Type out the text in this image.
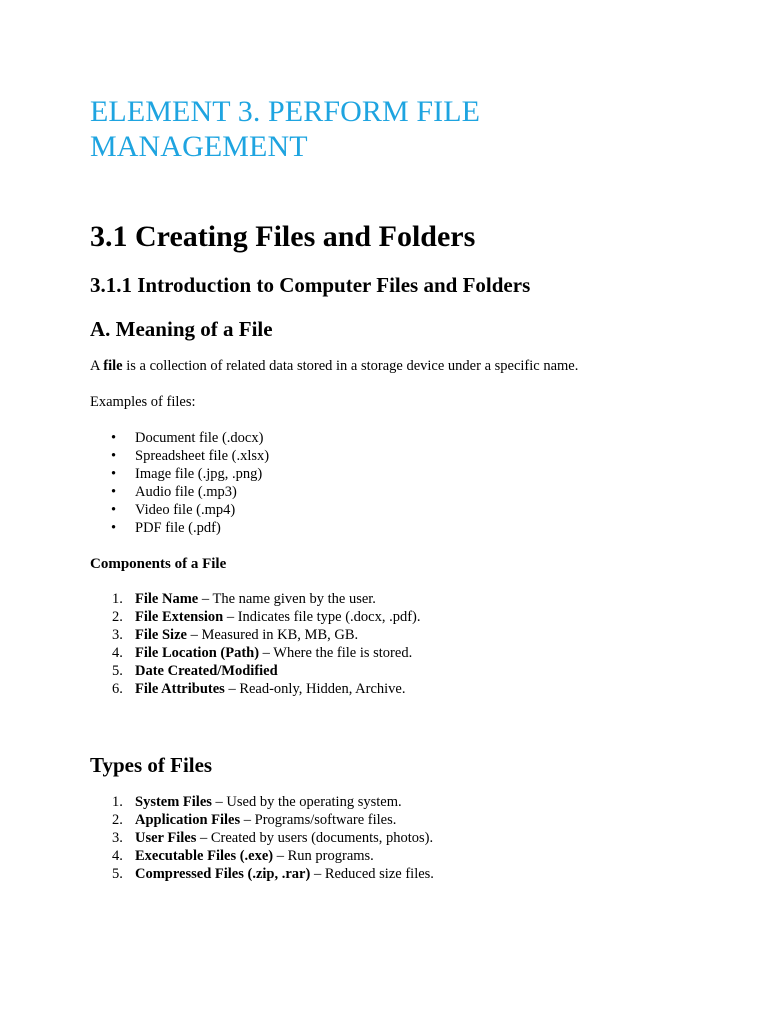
ELEMENT 3. PERFORM FILE MANAGEMENT
3.1 Creating Files and Folders
3.1.1 Introduction to Computer Files and Folders
A. Meaning of a File

A file is a collection of related data stored in a storage device under a specific name.

Examples of files:

• Document file (.docx)
• Spreadsheet file (.xlsx)
• Image file (.jpg, .png)
• Audio file (.mp3)
• Video file (.mp4)
• PDF file (.pdf)
Components of a File
1. File Name – The name given by the user.
2. File Extension – Indicates file type (.docx, .pdf).
3. File Size – Measured in KB, MB, GB.
4. File Location (Path) – Where the file is stored.
5. Date Created/Modified
6. File Attributes – Read-only, Hidden, Archive.
Types of Files
1. System Files – Used by the operating system.
2. Application Files – Programs/software files.
3. User Files – Created by users (documents, photos).
4. Executable Files (.exe) – Run programs.
5. Compressed Files (.zip, .rar) – Reduced size files.
